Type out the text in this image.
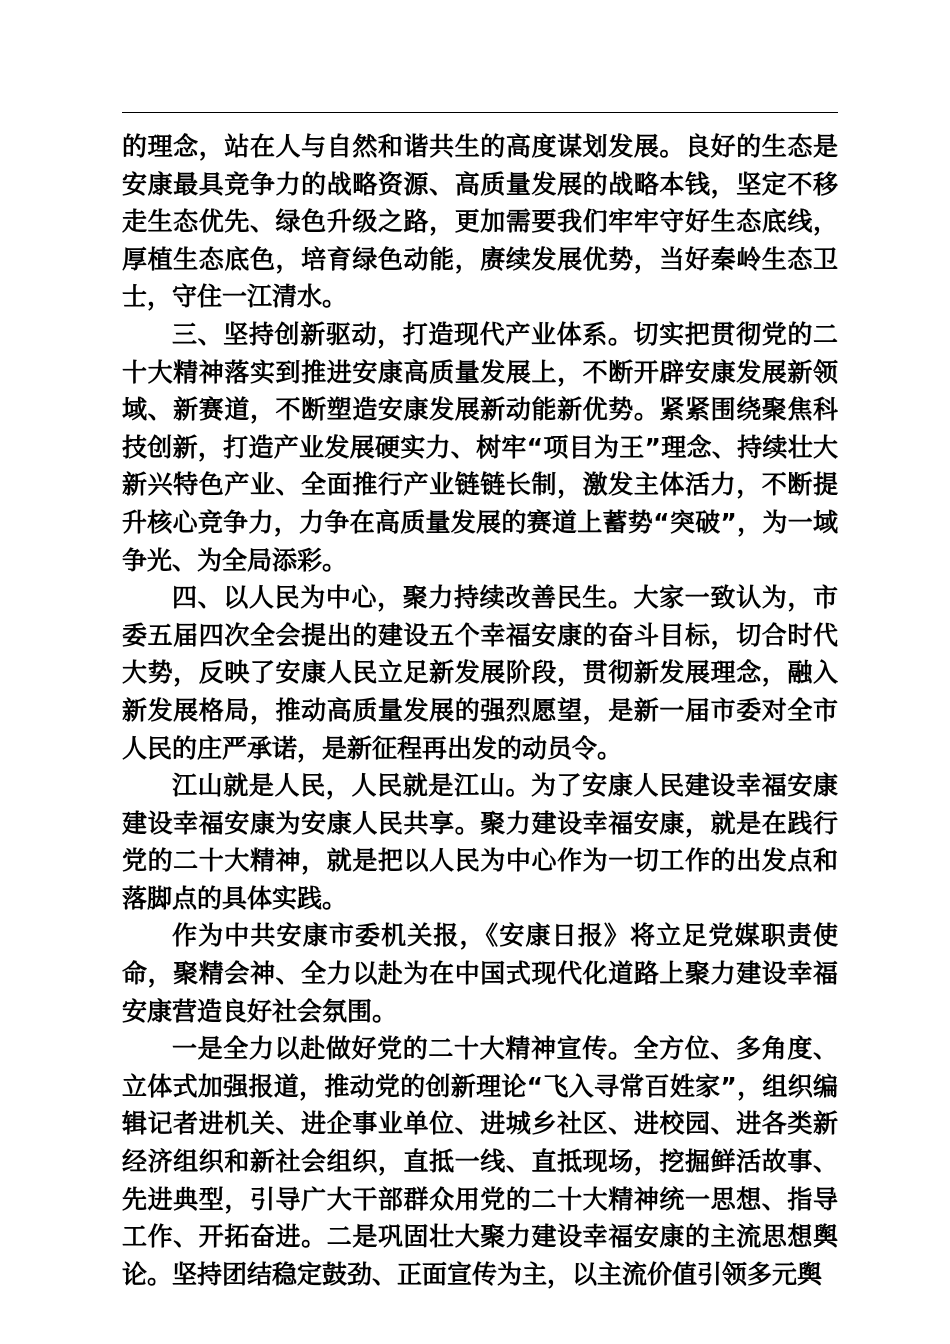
的理念，站在人与自然和谐共生的高度谋划发展。良好的生态是安康最具竞争力的战略资源、高质量发展的战略本钱，坚定不移走生态优先、绿色升级之路，更加需要我们牢牢守好生态底线，厚植生态底色，培育绿色动能，赓续发展优势，当好秦岭生态卫士，守住一江清水。

三、坚持创新驱动，打造现代产业体系。切实把贯彻党的二十大精神落实到推进安康高质量发展上，不断开辟安康发展新领域、新赛道，不断塑造安康发展新动能新优势。紧紧围绕聚焦科技创新，打造产业发展硬实力、树牢“项目为王”理念、持续壮大新兴特色产业、全面推行产业链链长制，激发主体活力，不断提升核心竞争力，力争在高质量发展的赛道上蓄势“突破”，为一域争光、为全局添彩。

四、以人民为中心，聚力持续改善民生。大家一致认为，市委五届四次全会提出的建设五个幸福安康的奋斗目标，切合时代大势，反映了安康人民立足新发展阶段，贯彻新发展理念，融入新发展格局，推动高质量发展的强烈愿望，是新一届市委对全市人民的庄严承诺，是新征程再出发的动员令。

江山就是人民，人民就是江山。为了安康人民建设幸福安康建设幸福安康为安康人民共享。聚力建设幸福安康，就是在践行党的二十大精神，就是把以人民为中心作为一切工作的出发点和落脚点的具体实践。

作为中共安康市委机关报，《安康日报》将立足党媒职责使命，聚精会神、全力以赴为在中国式现代化道路上聚力建设幸福安康营造良好社会氛围。

一是全力以赴做好党的二十大精神宣传。全方位、多角度、立体式加强报道，推动党的创新理论“飞入寻常百姓家”，组织编辑记者进机关、进企事业单位、进城乡社区、进校园、进各类新经济组织和新社会组织，直抵一线、直抵现场，挖掘鲜活故事、先进典型，引导广大干部群众用党的二十大精神统一思想、指导工作、开拓奋进。二是巩固壮大聚力建设幸福安康的主流思想舆论。坚持团结稳定鼓劲、正面宣传为主，以主流价值引领多元舆
